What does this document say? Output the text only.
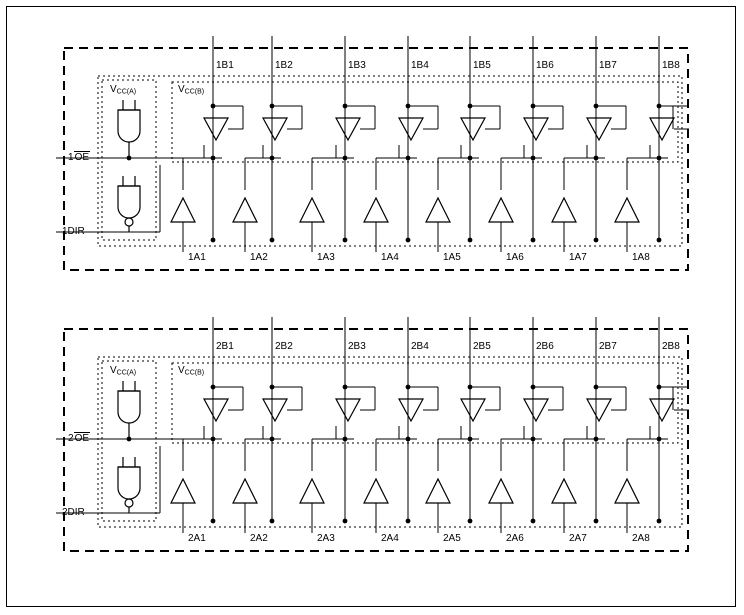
1B1	1B2	1B3	1B4	1B5	1B6	1B7	1B8
1A1	1A2	1A3	1A4	1A5	1A6	1A7	1A8
VCC(A)	VCC(B)
1OE
1DIR
2B1	2B2	2B3	2B4	2B5	2B6	2B7	2B8
2A1	2A2	2A3	2A4	2A5	2A6	2A7	2A8
VCC(A)	VCC(B)
2OE
2DIR
